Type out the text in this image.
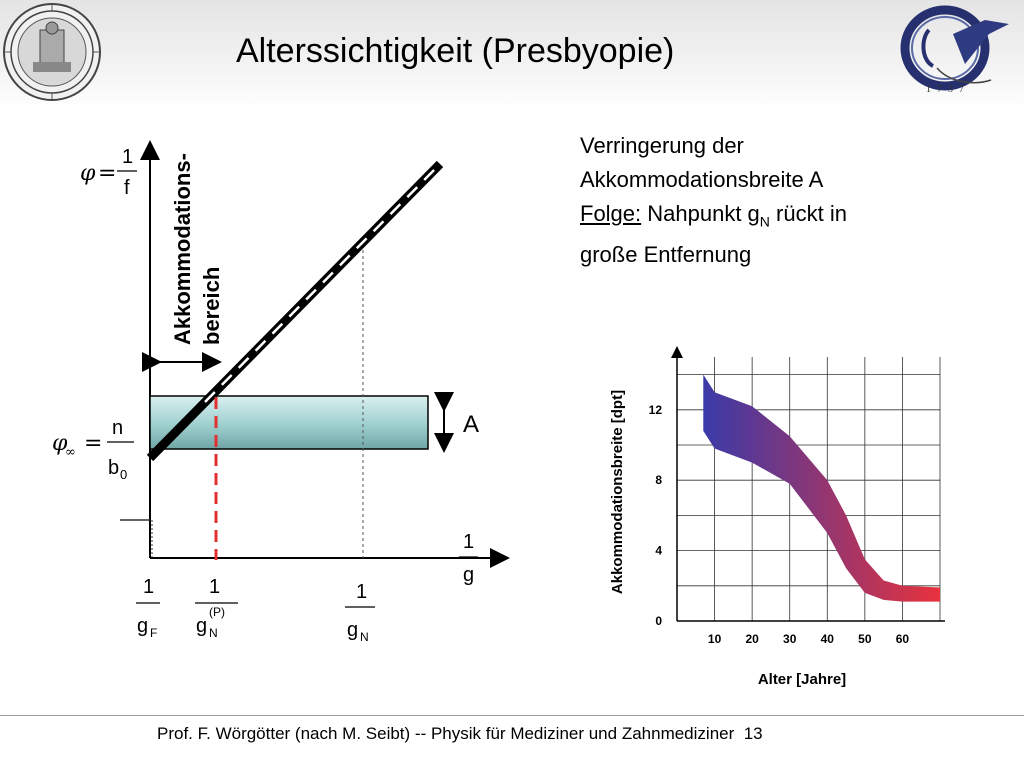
Alterssichtigkeit (Presbyopie)
1737
Akkommodations- bereich
A
φ =
1
f
φ
∞ =
n
b 0
1
g
1
g F
1
g N
(P)
1
g N
Verringerung der
Akkommodationsbreite A
Folge: Nahpunkt $g_N$ rückt in
große Entfernung
10 20 30 40 50 60
0
4
8
12
Alter [Jahre]
Akkommodationsbreite [dpt]
Prof. F. Wörgötter (nach M. Seibt) -- Physik für Mediziner und Zahnmediziner 13
